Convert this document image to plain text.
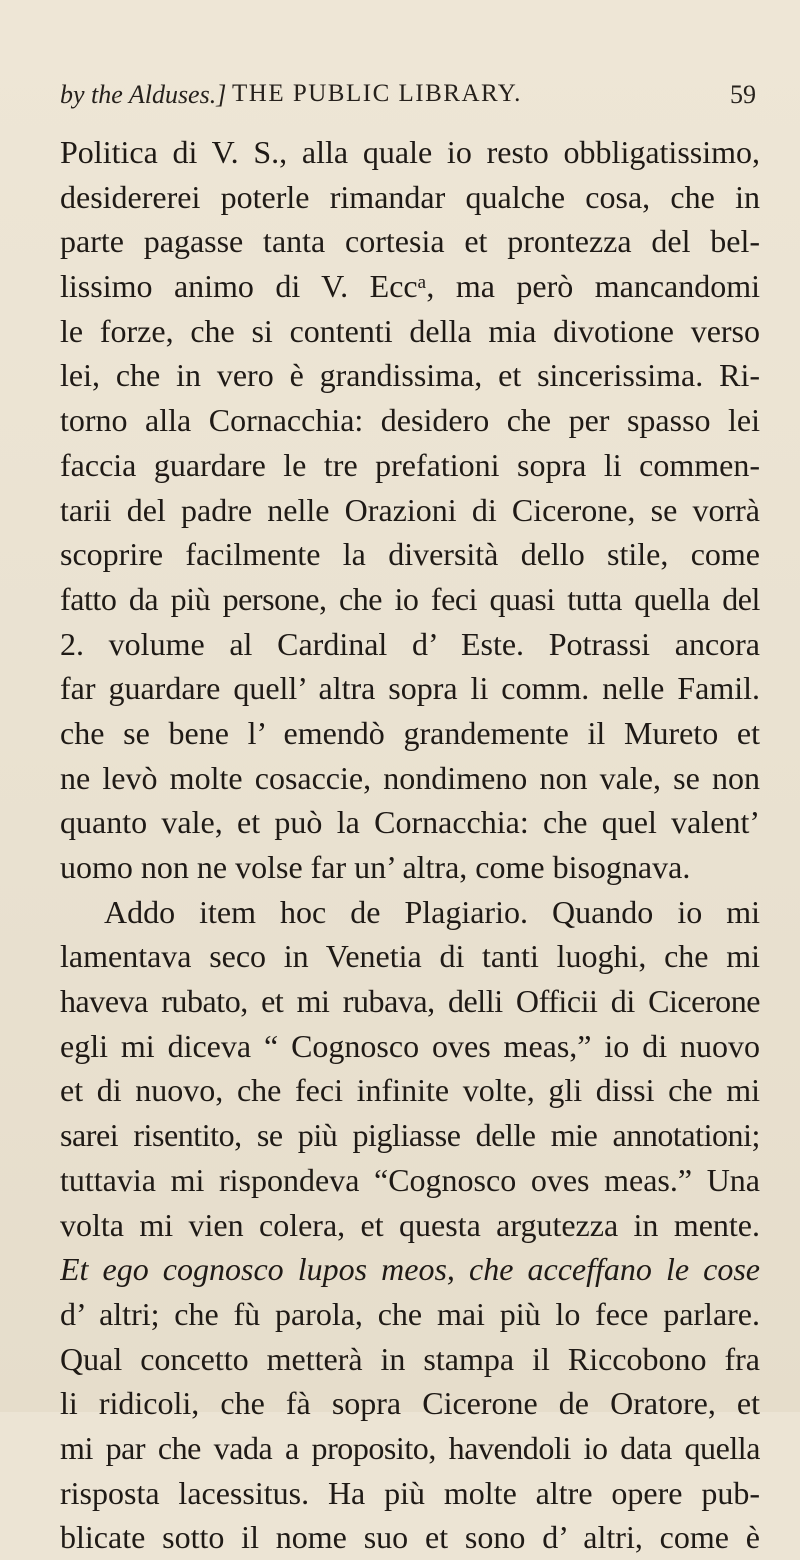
by the Alduses.] THE PUBLIC LIBRARY.	59
Politica di V. S., alla quale io resto obbligatissimo,
desidererei poterle rimandar qualche cosa, che in
parte pagasse tanta cortesia et prontezza del bel-
lissimo animo di V. Eccᵃ, ma però mancandomi
le forze, che si contenti della mia divotione verso
lei, che in vero è grandissima, et sincerissima. Ri-
torno alla Cornacchia: desidero che per spasso lei
faccia guardare le tre prefationi sopra li commen-
tarii del padre nelle Orazioni di Cicerone, se vorrà
scoprire facilmente la diversità dello stile, come
fatto da più persone, che io feci quasi tutta quella del
2. volume al Cardinal d’ Este. Potrassi ancora
far guardare quell’ altra sopra li comm. nelle Famil.
che se bene l’ emendò grandemente il Mureto et
ne levò molte cosaccie, nondimeno non vale, se non
quanto vale, et può la Cornacchia: che quel valent’
uomo non ne volse far un’ altra, come bisognava.
Addo item hoc de Plagiario. Quando io mi
lamentava seco in Venetia di tanti luoghi, che mi
haveva rubato, et mi rubava, delli Officii di Cicerone
egli mi diceva “ Cognosco oves meas,” io di nuovo
et di nuovo, che feci infinite volte, gli dissi che mi
sarei risentito, se più pigliasse delle mie annotationi;
tuttavia mi rispondeva “Cognosco oves meas.” Una
volta mi vien colera, et questa argutezza in mente.
Et ego cognosco lupos meos, che acceffano le cose
d’ altri; che fù parola, che mai più lo fece parlare.
Qual concetto metterà in stampa il Riccobono fra
li ridicoli, che fà sopra Cicerone de Oratore, et
mi par che vada a proposito, havendoli io data quella
risposta lacessitus. Ha più molte altre opere pub-
blicate sotto il nome suo et sono d’ altri, come è
